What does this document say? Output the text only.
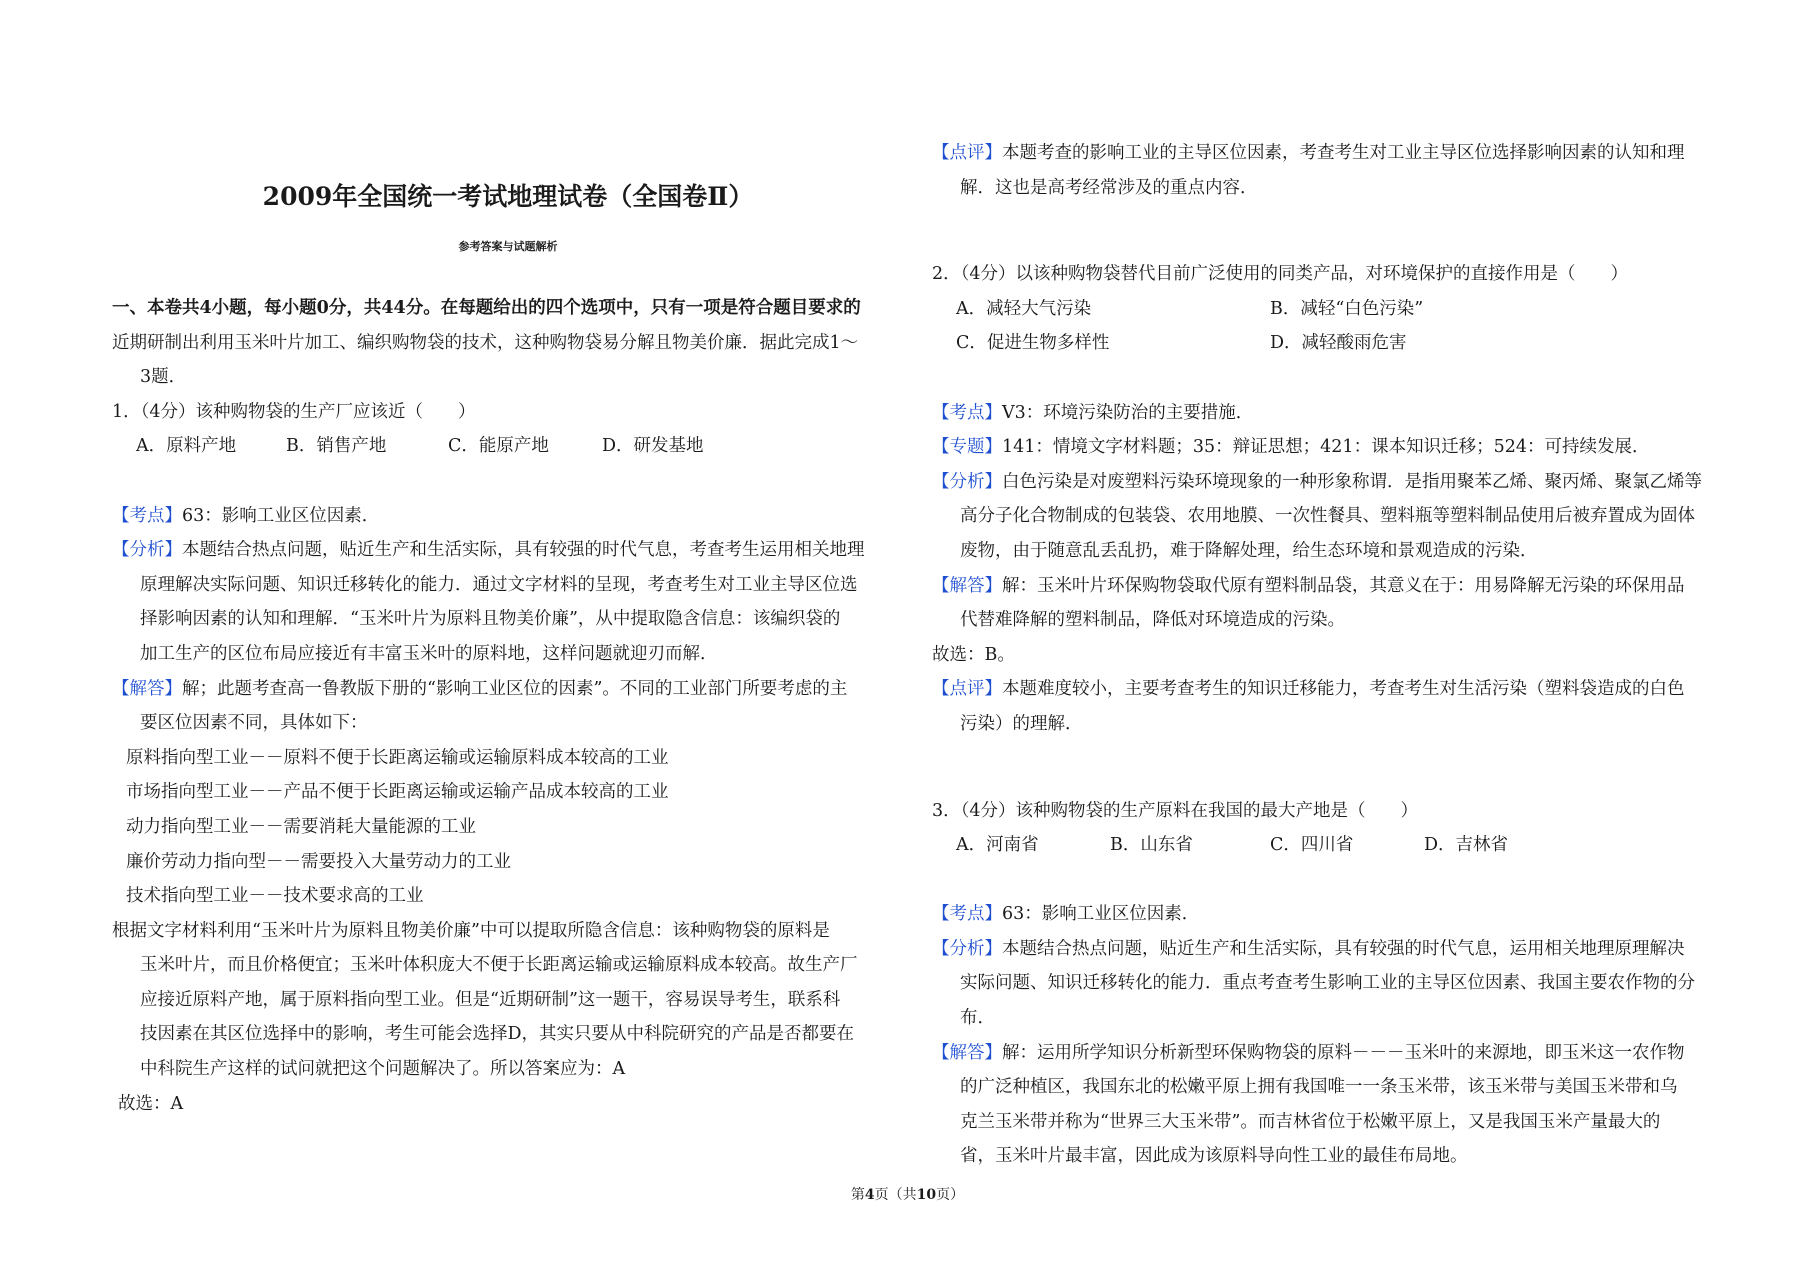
2009年全国统一考试地理试卷（全国卷Ⅱ）
参考答案与试题解析
一、本卷共4小题，每小题0分，共44分。在每题给出的四个选项中，只有一项是符合题目要求的
近期研制出利用玉米叶片加工、编织购物袋的技术，这种购物袋易分解且物美价廉．据此完成1～
3题．
1．（4分）该种购物袋的生产厂应该近（　　）
A．原料产地	B．销售产地	C．能原产地	D．研发基地
【考点】63：影响工业区位因素．
【分析】本题结合热点问题，贴近生产和生活实际，具有较强的时代气息，考查考生运用相关地理
原理解决实际问题、知识迁移转化的能力．通过文字材料的呈现，考查考生对工业主导区位选
择影响因素的认知和理解．“玉米叶片为原料且物美价廉”，从中提取隐含信息：该编织袋的
加工生产的区位布局应接近有丰富玉米叶的原料地，这样问题就迎刃而解．
【解答】解；此题考查高一鲁教版下册的“影响工业区位的因素”。不同的工业部门所要考虑的主
要区位因素不同，具体如下：
原料指向型工业－－原料不便于长距离运输或运输原料成本较高的工业
市场指向型工业－－产品不便于长距离运输或运输产品成本较高的工业
动力指向型工业－－需要消耗大量能源的工业
廉价劳动力指向型－－需要投入大量劳动力的工业
技术指向型工业－－技术要求高的工业
根据文字材料利用“玉米叶片为原料且物美价廉”中可以提取所隐含信息：该种购物袋的原料是
玉米叶片，而且价格便宜；玉米叶体积庞大不便于长距离运输或运输原料成本较高。故生产厂
应接近原料产地，属于原料指向型工业。但是“近期研制”这一题干，容易误导考生，联系科
技因素在其区位选择中的影响，考生可能会选择D，其实只要从中科院研究的产品是否都要在
中科院生产这样的试问就把这个问题解决了。所以答案应为：A
故选：A
【点评】本题考查的影响工业的主导区位因素，考查考生对工业主导区位选择影响因素的认知和理
解．这也是高考经常涉及的重点内容．
2．（4分）以该种购物袋替代目前广泛使用的同类产品，对环境保护的直接作用是（　　）
A．减轻大气污染	B．减轻“白色污染”
C．促进生物多样性	D．减轻酸雨危害
【考点】V3：环境污染防治的主要措施．
【专题】141：情境文字材料题；35：辩证思想；421：课本知识迁移；524：可持续发展．
【分析】白色污染是对废塑料污染环境现象的一种形象称谓．是指用聚苯乙烯、聚丙烯、聚氯乙烯等
高分子化合物制成的包装袋、农用地膜、一次性餐具、塑料瓶等塑料制品使用后被弃置成为固体
废物，由于随意乱丢乱扔，难于降解处理，给生态环境和景观造成的污染．
【解答】解：玉米叶片环保购物袋取代原有塑料制品袋，其意义在于：用易降解无污染的环保用品
代替难降解的塑料制品，降低对环境造成的污染。
故选：B。
【点评】本题难度较小，主要考查考生的知识迁移能力，考查考生对生活污染（塑料袋造成的白色
污染）的理解．
3．（4分）该种购物袋的生产原料在我国的最大产地是（　　）
A．河南省	B．山东省	C．四川省	D．吉林省
【考点】63：影响工业区位因素．
【分析】本题结合热点问题，贴近生产和生活实际，具有较强的时代气息，运用相关地理原理解决
实际问题、知识迁移转化的能力．重点考查考生影响工业的主导区位因素、我国主要农作物的分
布．
【解答】解：运用所学知识分析新型环保购物袋的原料－－－玉米叶的来源地，即玉米这一农作物
的广泛种植区，我国东北的松嫩平原上拥有我国唯一一条玉米带，该玉米带与美国玉米带和乌
克兰玉米带并称为“世界三大玉米带”。而吉林省位于松嫩平原上，又是我国玉米产量最大的
省，玉米叶片最丰富，因此成为该原料导向性工业的最佳布局地。
第4页（共10页）
